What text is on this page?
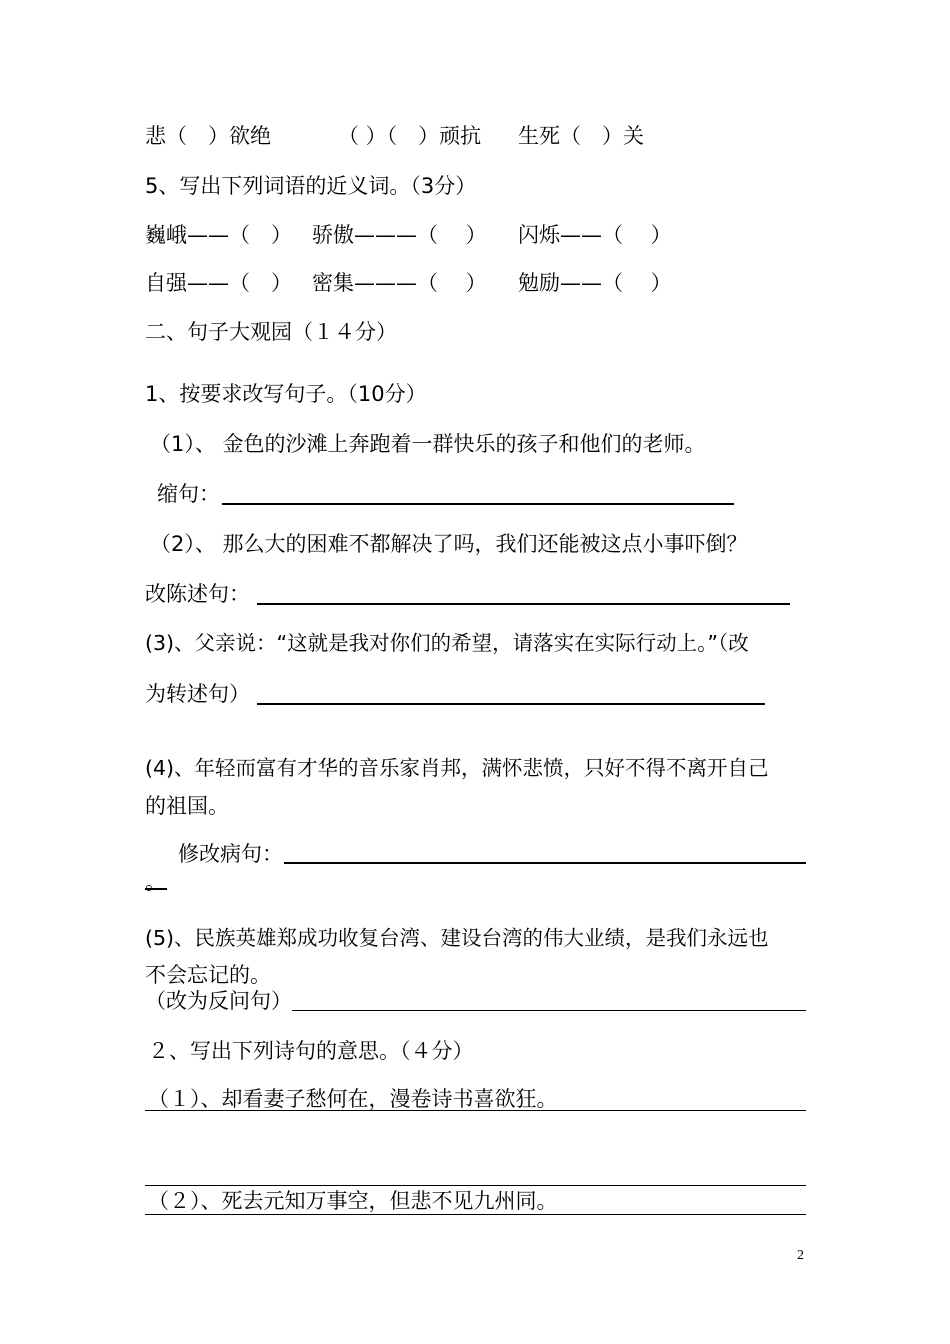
悲（　）欲绝	（ ）（　）顽抗 生死（　）关
5、写出下列词语的近义词。（3分）
巍峨——（　） 骄傲———（　 ） 闪烁——（　 ）
自强——（　） 密集———（　 ） 勉励——（　 ）
二、句子大观园（１４分）
1、按要求改写句子。（10分）
（1）、 金色的沙滩上奔跑着一群快乐的孩子和他们的老师。
缩句：
（2）、 那么大的困难不都解决了吗，我们还能被这点小事吓倒？
改陈述句：
(3)、父亲说：“这就是我对你们的希望，请落实在实际行动上。”（改
为转述句）
(4)、年轻而富有才华的音乐家肖邦，满怀悲愤，只好不得不离开自己
的祖国。
修改病句：
。
(5)、民族英雄郑成功收复台湾、建设台湾的伟大业绩，是我们永远也
不会忘记的。
（改为反问句）
２、写出下列诗句的意思。（４分）
（１）、却看妻子愁何在，漫卷诗书喜欲狂。
（２）、死去元知万事空，但悲不见九州同。
2
